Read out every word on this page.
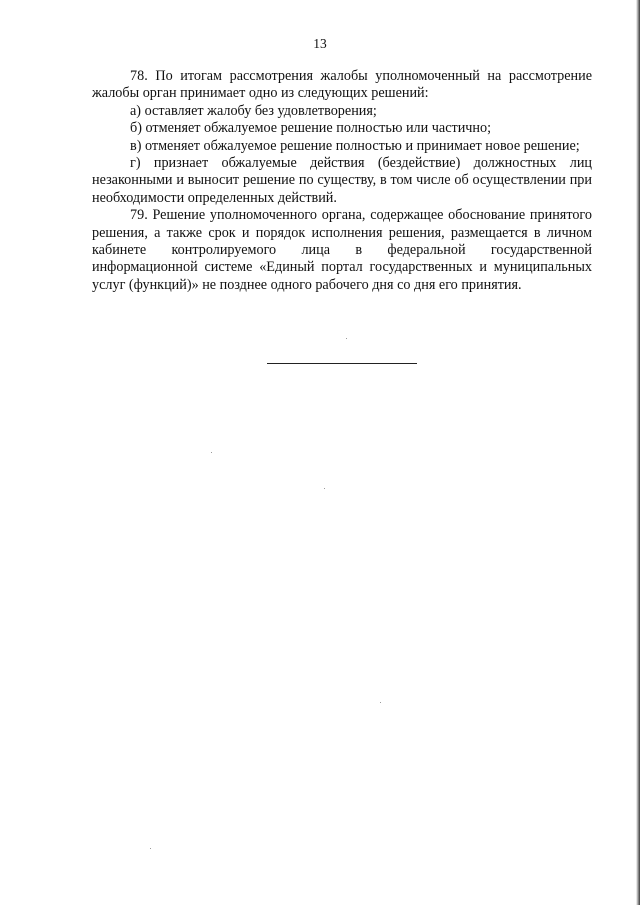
13

78. По итогам рассмотрения жалобы уполномоченный на рассмотрение жалобы орган принимает одно из следующих решений:

а) оставляет жалобу без удовлетворения;

б) отменяет обжалуемое решение полностью или частично;

в) отменяет обжалуемое решение полностью и принимает новое решение;

г) признает обжалуемые действия (бездействие) должностных лиц незаконными и выносит решение по существу, в том числе об осуществлении при необходимости определенных действий.

79. Решение уполномоченного органа, содержащее обоснование принятого решения, а также срок и порядок исполнения решения, размещается в личном кабинете контролируемого лица в федеральной государственной информационной системе «Единый портал государственных и муниципальных услуг (функций)» не позднее одного рабочего дня со дня его принятия.
